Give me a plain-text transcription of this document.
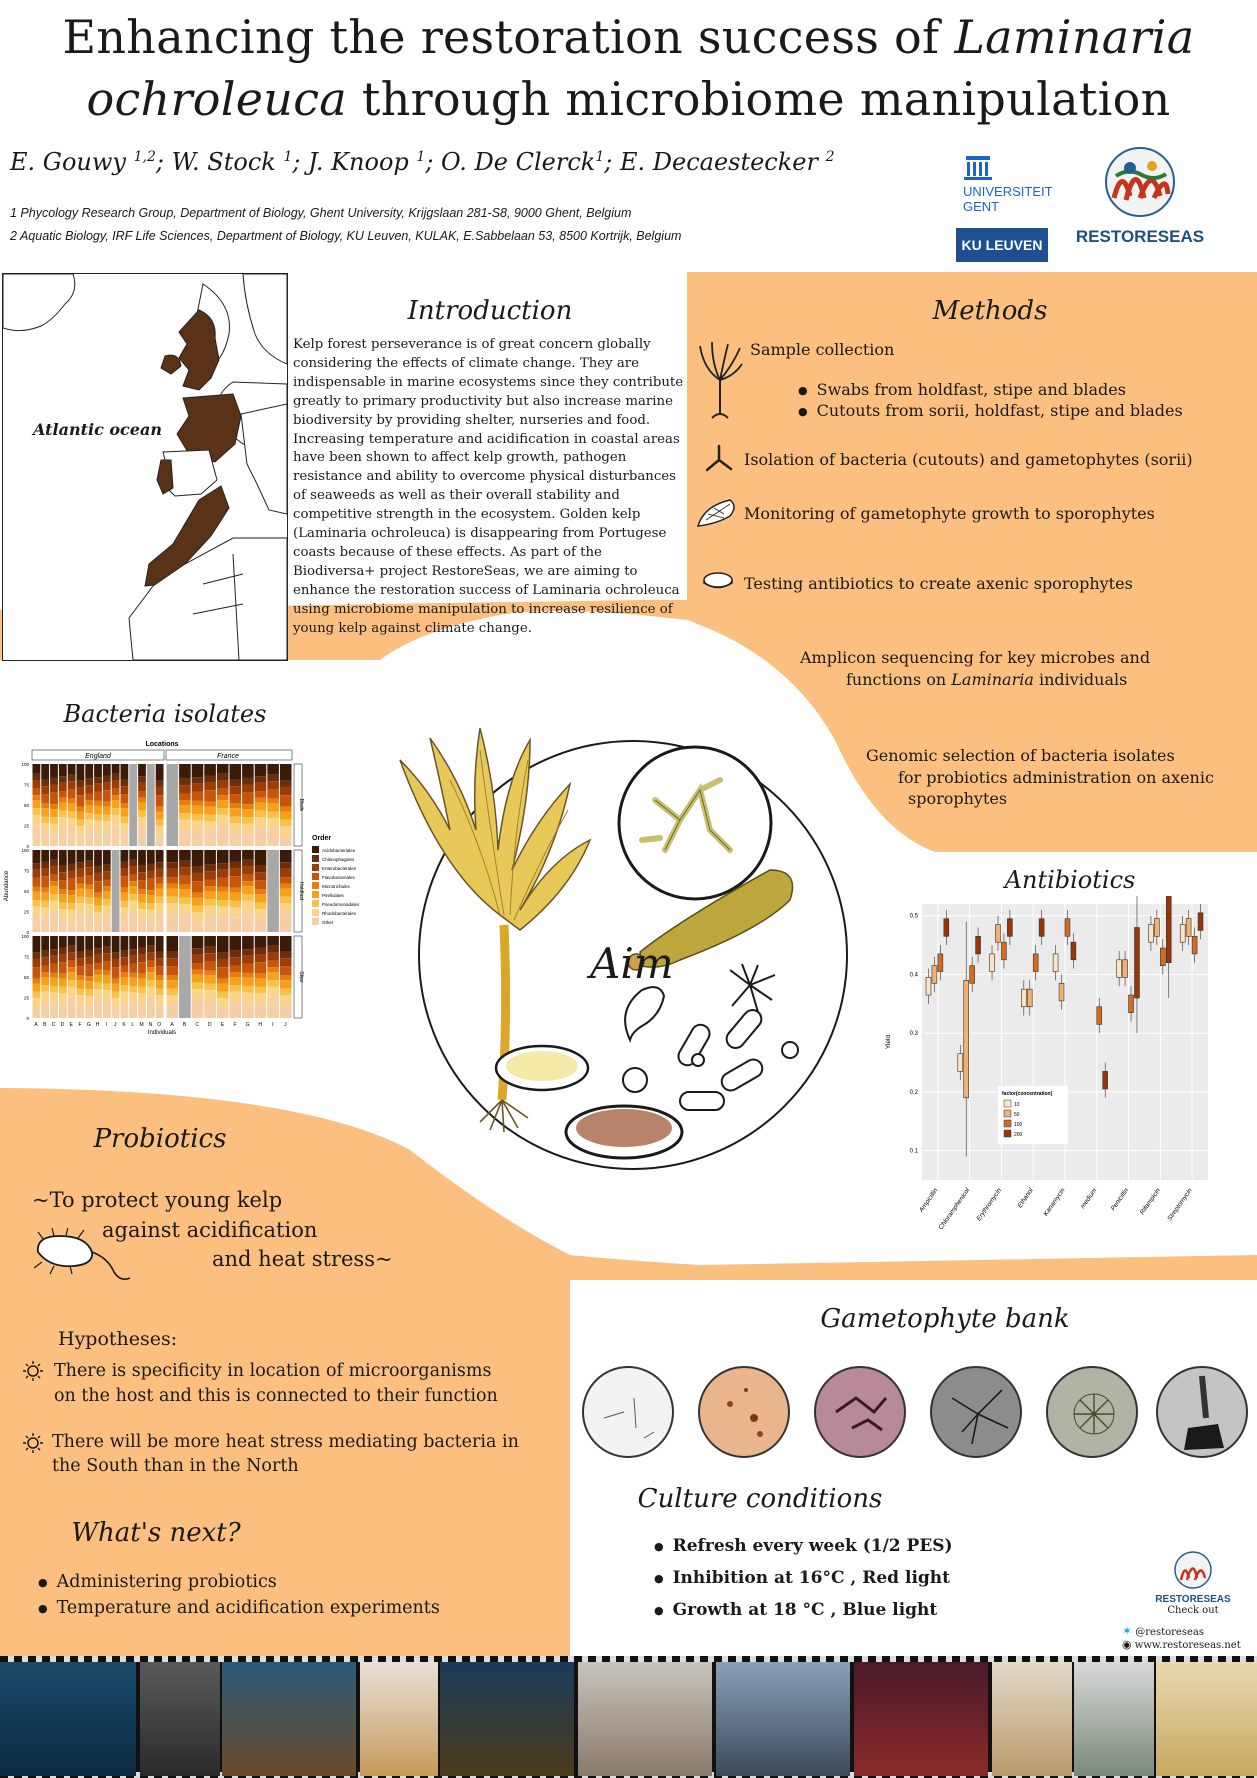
Enhancing the restoration success of Laminaria
ochroleuca through microbiome manipulation
E. Gouwy $^{1,2}$; W. Stock $^1$; J. Knoop $^1$; O. De Clerck$^1$; E. Decaestecker $^2$
1 Phycology Research Group, Department of Biology, Ghent University, Krijgslaan 281-S8, 9000 Ghent, Belgium
2 Aquatic Biology, IRF Life Sciences, Department of Biology, KU Leuven, KULAK, E.Sabbelaan 53, 8500 Kortrijk, Belgium
UNIVERSITEIT
GENT
KU LEUVEN	RESTORESEAS
Atlantic ocean
Introduction
Kelp forest perseverance is of great concern globally considering the effects of climate change. They are indispensable in marine ecosystems since they contribute greatly to primary productivity but also increase marine biodiversity by providing shelter, nurseries and food. Increasing temperature and acidification in coastal areas have been shown to affect kelp growth, pathogen resistance and ability to overcome physical disturbances of seaweeds as well as their overall stability and competitive strength in the ecosystem. Golden kelp (Laminaria ochroleuca) is disappearing from Portugese coasts because of these effects. As part of the Biodiversa+ project RestoreSeas, we are aiming to enhance the restoration success of Laminaria ochroleuca using microbiome manipulation to increase resilience of young kelp against climate change.
Methods
Sample collection
● Swabs from holdfast, stipe and blades
● Cutouts from sorii, holdfast, stipe and blades
Isolation of bacteria (cutouts) and gametophytes (sorii)
Monitoring of gametophyte growth to sporophytes
Testing antibiotics to create axenic sporophytes
Amplicon sequencing for key microbes and
functions on Laminaria individuals
Genomic selection of bacteria isolates
for probiotics administration on axenic
sporophytes
Bacteria isolates
Locations
England	France
Abundance
Individuals
Blade
100
75
50
25
0
Holdfast
100
75
50
25
0
Stipe
100
75
50
25
0
A B C D E F G H I J K L M N O A B C D E F G H I J
Order
Acidobacteriales
Chitinophagales
Enterobacterales
Flavobacteriales
Microtrichales
Pirellulales
Pseudomonadales
Rhodobacterales
Other
Aim
Antibiotics
0.1
0.2
0.3
0.4
0.5
Ampicillin
Chloramphenicol Erythromycin Ethanol Kanamycin medium Penicillin Rifampicin Streptomycin
Yield
factor(concentration)
10
50
100
200
Probiotics
~To protect young kelp
against acidification
and heat stress~
Hypotheses:
There is specificity in location of microorganisms
on the host and this is connected to their function
There will be more heat stress mediating bacteria in
the South than in the North
What's next?
● Administering probiotics
● Temperature and acidification experiments
Gametophyte bank
Culture conditions
● Refresh every week (1/2 PES)
● Inhibition at 16°C , Red light
● Growth at 18 °C , Blue light
RESTORESEAS
Check out
✶ @restoreseas
◉ www.restoreseas.net
